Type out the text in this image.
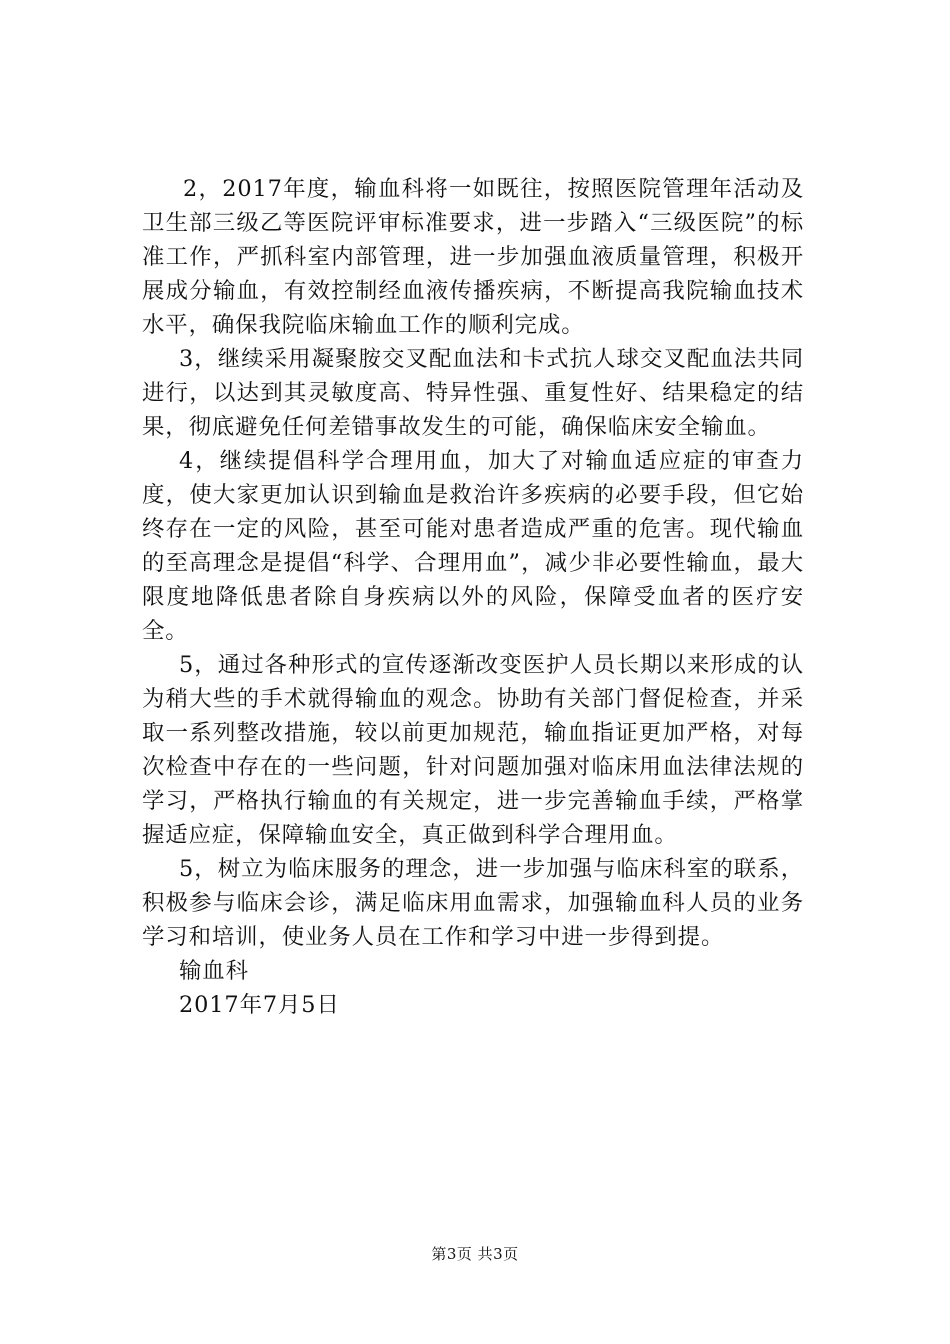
2，2017年度，输血科将一如既往，按照医院管理年活动及卫生部三级乙等医院评审标准要求，进一步踏入“三级医院”的标准工作，严抓科室内部管理，进一步加强血液质量管理，积极开展成分输血，有效控制经血液传播疾病，不断提高我院输血技术水平，确保我院临床输血工作的顺利完成。

3，继续采用凝聚胺交叉配血法和卡式抗人球交叉配血法共同进行，以达到其灵敏度高、特异性强、重复性好、结果稳定的结果，彻底避免任何差错事故发生的可能，确保临床安全输血。

4，继续提倡科学合理用血，加大了对输血适应症的审查力度，使大家更加认识到输血是救治许多疾病的必要手段，但它始终存在一定的风险，甚至可能对患者造成严重的危害。现代输血的至高理念是提倡“科学、合理用血”，减少非必要性输血，最大限度地降低患者除自身疾病以外的风险，保障受血者的医疗安全。

5，通过各种形式的宣传逐渐改变医护人员长期以来形成的认为稍大些的手术就得输血的观念。协助有关部门督促检查，并采取一系列整改措施，较以前更加规范，输血指证更加严格，对每次检查中存在的一些问题，针对问题加强对临床用血法律法规的学习，严格执行输血的有关规定，进一步完善输血手续，严格掌握适应症，保障输血安全，真正做到科学合理用血。

5，树立为临床服务的理念，进一步加强与临床科室的联系，积极参与临床会诊，满足临床用血需求，加强输血科人员的业务学习和培训，使业务人员在工作和学习中进一步得到提。

输血科

2017年7月5日

第3页 共3页
